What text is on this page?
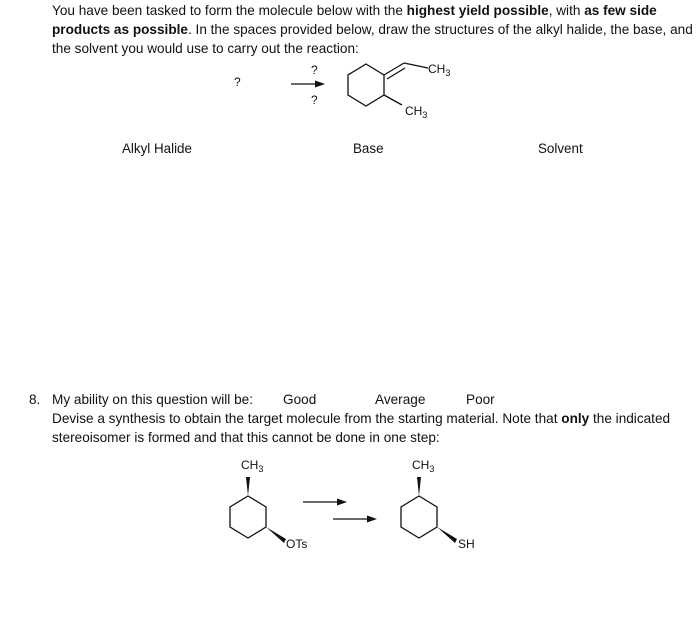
You have been tasked to form the molecule below with the highest yield possible, with as few side products as possible. In the spaces provided below, draw the structures of the alkyl halide, the base, and the solvent you would use to carry out the reaction:
?
?
?
$CH_3$
$CH_3$
Alkyl Halide	Base	Solvent
8. My ability on this question will be: Good	Average	Poor
Devise a synthesis to obtain the target molecule from the starting material. Note that only the indicated stereoisomer is formed and that this cannot be done in one step:
$CH_3$
OTs
$CH_3$
SH
